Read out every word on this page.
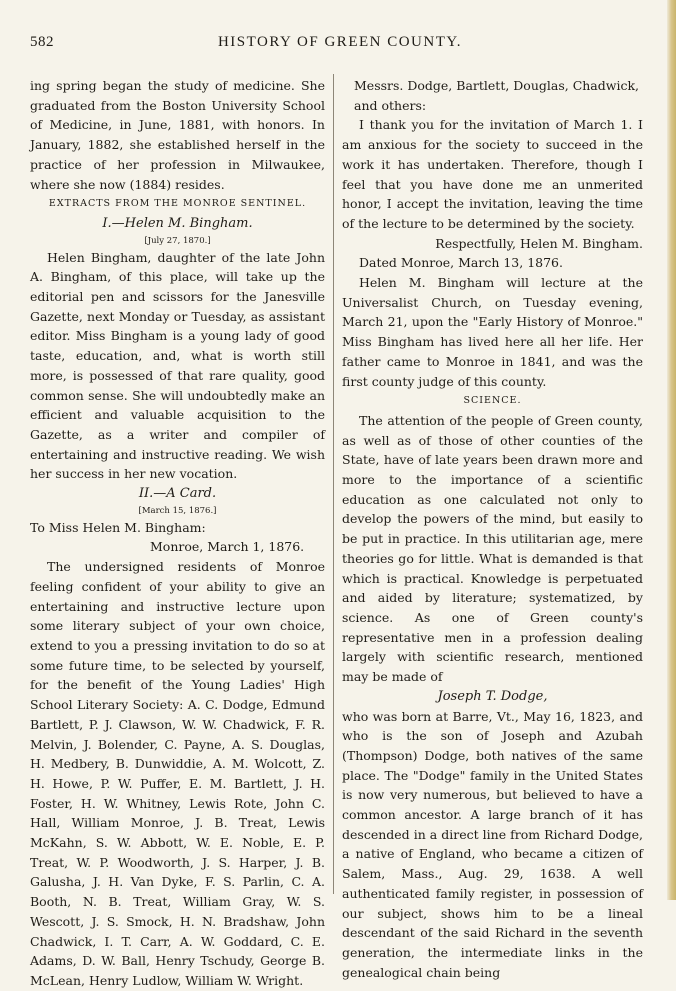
582	HISTORY OF GREEN COUNTY.

ing spring began the study of medicine. She graduated from the Boston University School of Medicine, in June, 1881, with honors. In January, 1882, she established herself in the practice of her profession in Milwaukee, where she now (1884) resides.

EXTRACTS FROM THE MONROE SENTINEL.

I.—Helen M. Bingham.

[July 27, 1870.]

Helen Bingham, daughter of the late John A. Bingham, of this place, will take up the editorial pen and scissors for the Janesville Gazette, next Monday or Tuesday, as assistant editor. Miss Bingham is a young lady of good taste, education, and, what is worth still more, is possessed of that rare quality, good common sense. She will undoubtedly make an efficient and valuable acquisition to the Gazette, as a writer and compiler of entertaining and instructive reading. We wish her success in her new vocation.

II.—A Card.

[March 15, 1876.]

To Miss Helen M. Bingham:

Monroe, March 1, 1876.

The undersigned residents of Monroe feeling confident of your ability to give an entertaining and instructive lecture upon some literary subject of your own choice, extend to you a pressing invitation to do so at some future time, to be selected by yourself, for the benefit of the Young Ladies' High School Literary Society: A. C. Dodge, Edmund Bartlett, P. J. Clawson, W. W. Chadwick, F. R. Melvin, J. Bolender, C. Payne, A. S. Douglas, H. Medbery, B. Dunwiddie, A. M. Wolcott, Z. H. Howe, P. W. Puffer, E. M. Bartlett, J. H. Foster, H. W. Whitney, Lewis Rote, John C. Hall, William Monroe, J. B. Treat, Lewis McKahn, S. W. Abbott, W. E. Noble, E. P. Treat, W. P. Woodworth, J. S. Harper, J. B. Galusha, J. H. Van Dyke, F. S. Parlin, C. A. Booth, N. B. Treat, William Gray, W. S. Wescott, J. S. Smock, H. N. Bradshaw, John Chadwick, I. T. Carr, A. W. Goddard, C. E. Adams, D. W. Ball, Henry Tschudy, George B. McLean, Henry Ludlow, William W. Wright.

Messrs. Dodge, Bartlett, Douglas, Chadwick, and others:

I thank you for the invitation of March 1. I am anxious for the society to succeed in the work it has undertaken. Therefore, though I feel that you have done me an unmerited honor, I accept the invitation, leaving the time of the lecture to be determined by the society.

Respectfully, Helen M. Bingham.

Dated Monroe, March 13, 1876.

Helen M. Bingham will lecture at the Universalist Church, on Tuesday evening, March 21, upon the "Early History of Monroe." Miss Bingham has lived here all her life. Her father came to Monroe in 1841, and was the first county judge of this county.

SCIENCE.

The attention of the people of Green county, as well as of those of other counties of the State, have of late years been drawn more and more to the importance of a scientific education as one calculated not only to develop the powers of the mind, but easily to be put in practice. In this utilitarian age, mere theories go for little. What is demanded is that which is practical. Knowledge is perpetuated and aided by literature; systematized, by science. As one of Green county's representative men in a profession dealing largely with scientific research, mentioned may be made of

Joseph T. Dodge,

who was born at Barre, Vt., May 16, 1823, and who is the son of Joseph and Azubah (Thompson) Dodge, both natives of the same place. The "Dodge" family in the United States is now very numerous, but believed to have a common ancestor. A large branch of it has descended in a direct line from Richard Dodge, a native of England, who became a citizen of Salem, Mass., Aug. 29, 1638. A well authenticated family register, in possession of our subject, shows him to be a lineal descendant of the said Richard in the seventh generation, the intermediate links in the genealogical chain being
